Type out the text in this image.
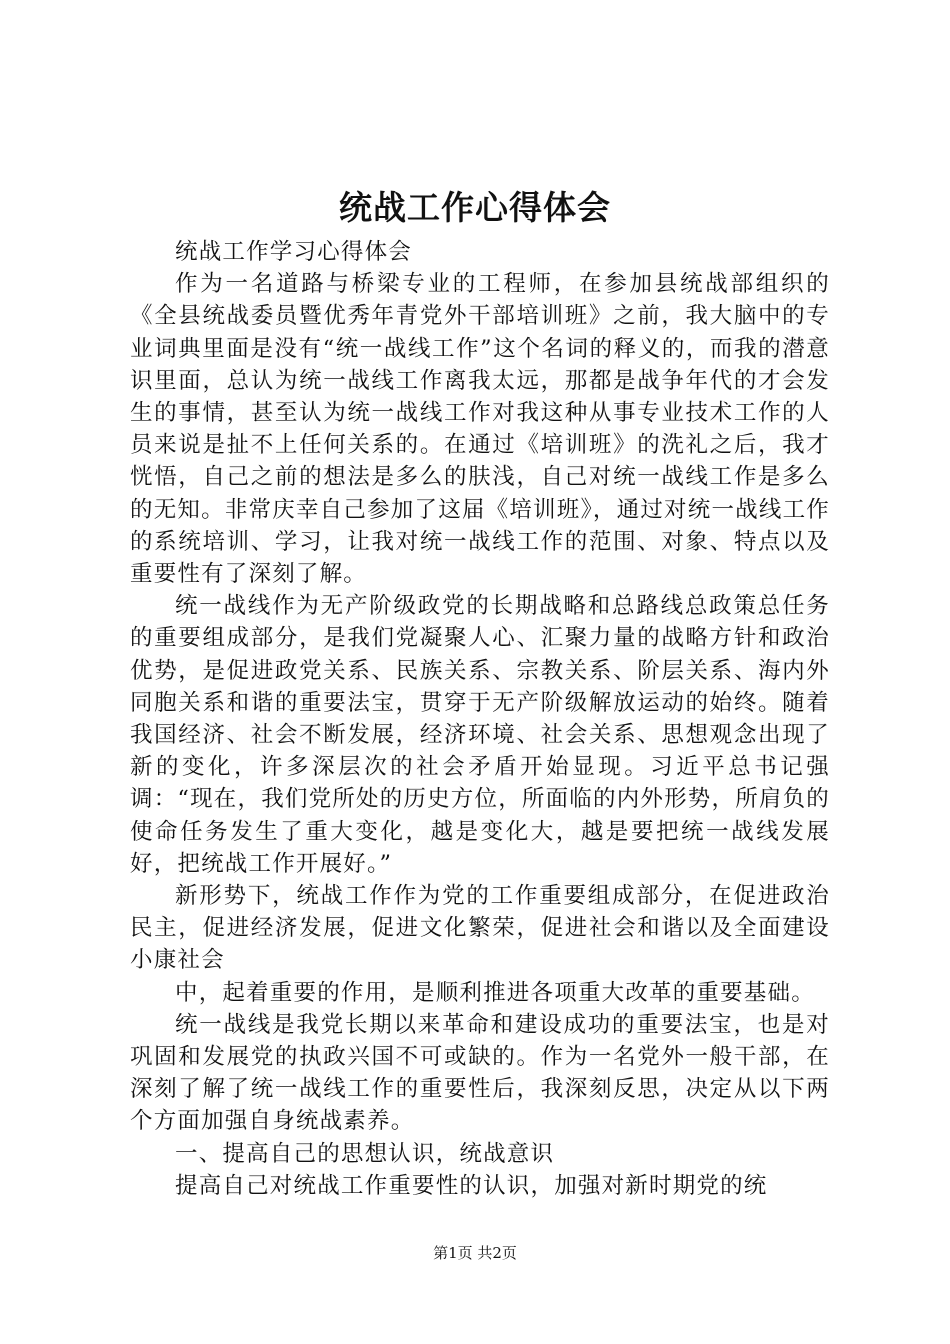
统战工作心得体会

统战工作学习心得体会

作为一名道路与桥梁专业的工程师，在参加县统战部组织的《全县统战委员暨优秀年青党外干部培训班》之前，我大脑中的专业词典里面是没有“统一战线工作”这个名词的释义的，而我的潜意识里面，总认为统一战线工作离我太远，那都是战争年代的才会发生的事情，甚至认为统一战线工作对我这种从事专业技术工作的人员来说是扯不上任何关系的。在通过《培训班》的洗礼之后，我才恍悟，自己之前的想法是多么的肤浅，自己对统一战线工作是多么的无知。非常庆幸自己参加了这届《培训班》，通过对统一战线工作的系统培训、学习，让我对统一战线工作的范围、对象、特点以及重要性有了深刻了解。

统一战线作为无产阶级政党的长期战略和总路线总政策总任务的重要组成部分，是我们党凝聚人心、汇聚力量的战略方针和政治优势，是促进政党关系、民族关系、宗教关系、阶层关系、海内外同胞关系和谐的重要法宝，贯穿于无产阶级解放运动的始终。随着我国经济、社会不断发展，经济环境、社会关系、思想观念出现了新的变化，许多深层次的社会矛盾开始显现。习近平总书记强调：“现在，我们党所处的历史方位，所面临的内外形势，所肩负的使命任务发生了重大变化，越是变化大，越是要把统一战线发展好，把统战工作开展好。”

新形势下，统战工作作为党的工作重要组成部分，在促进政治民主，促进经济发展，促进文化繁荣，促进社会和谐以及全面建设小康社会

中，起着重要的作用，是顺利推进各项重大改革的重要基础。

统一战线是我党长期以来革命和建设成功的重要法宝，也是对巩固和发展党的执政兴国不可或缺的。作为一名党外一般干部，在深刻了解了统一战线工作的重要性后，我深刻反思，决定从以下两个方面加强自身统战素养。

一、提高自己的思想认识，统战意识

提高自己对统战工作重要性的认识，加强对新时期党的统

第1页 共2页
